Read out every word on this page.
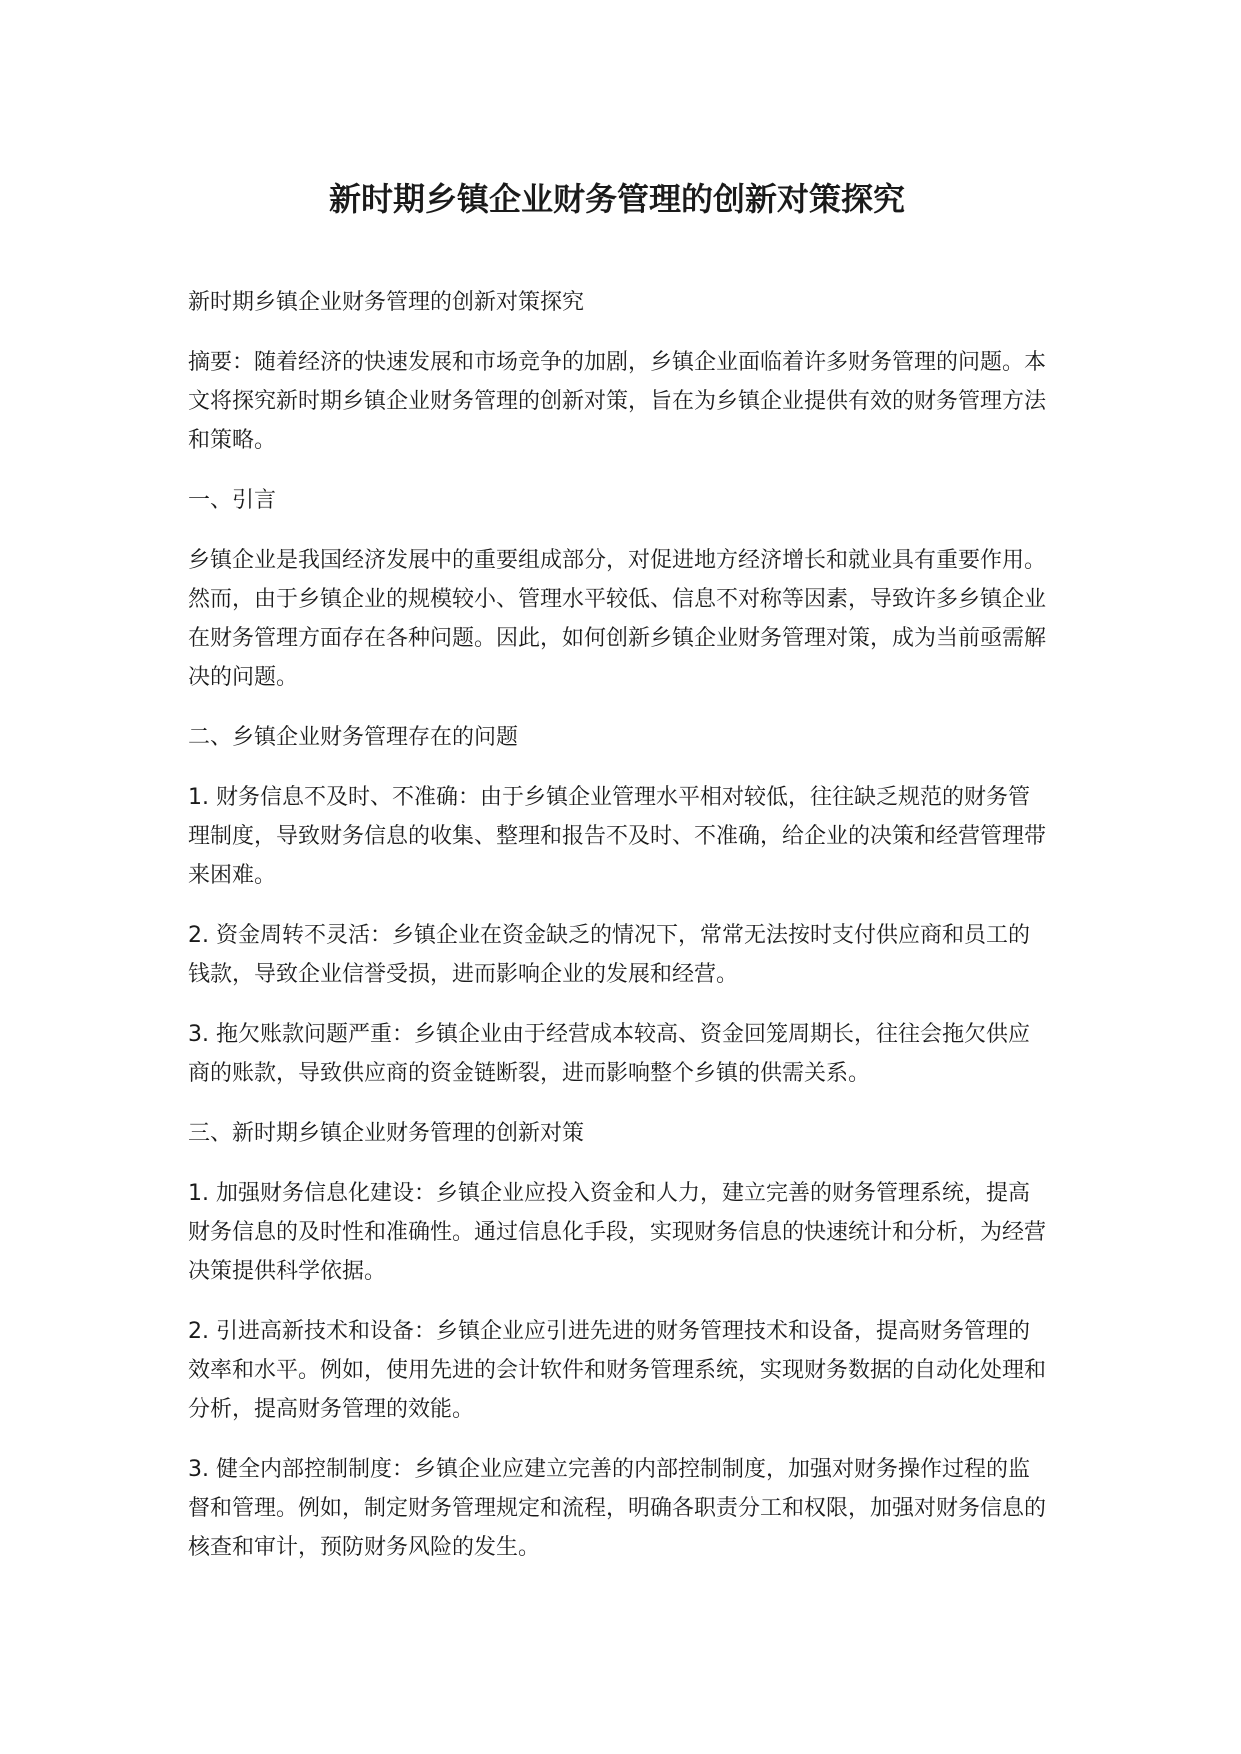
新时期乡镇企业财务管理的创新对策探究

新时期乡镇企业财务管理的创新对策探究

摘要：随着经济的快速发展和市场竞争的加剧，乡镇企业面临着许多财务管理的问题。本文将探究新时期乡镇企业财务管理的创新对策，旨在为乡镇企业提供有效的财务管理方法和策略。

一、引言

乡镇企业是我国经济发展中的重要组成部分，对促进地方经济增长和就业具有重要作用。然而，由于乡镇企业的规模较小、管理水平较低、信息不对称等因素，导致许多乡镇企业在财务管理方面存在各种问题。因此，如何创新乡镇企业财务管理对策，成为当前亟需解决的问题。

二、乡镇企业财务管理存在的问题

1. 财务信息不及时、不准确：由于乡镇企业管理水平相对较低，往往缺乏规范的财务管理制度，导致财务信息的收集、整理和报告不及时、不准确，给企业的决策和经营管理带来困难。

2. 资金周转不灵活：乡镇企业在资金缺乏的情况下，常常无法按时支付供应商和员工的钱款，导致企业信誉受损，进而影响企业的发展和经营。

3. 拖欠账款问题严重：乡镇企业由于经营成本较高、资金回笼周期长，往往会拖欠供应商的账款，导致供应商的资金链断裂，进而影响整个乡镇的供需关系。

三、新时期乡镇企业财务管理的创新对策

1. 加强财务信息化建设：乡镇企业应投入资金和人力，建立完善的财务管理系统，提高财务信息的及时性和准确性。通过信息化手段，实现财务信息的快速统计和分析，为经营决策提供科学依据。

2. 引进高新技术和设备：乡镇企业应引进先进的财务管理技术和设备，提高财务管理的效率和水平。例如，使用先进的会计软件和财务管理系统，实现财务数据的自动化处理和分析，提高财务管理的效能。

3. 健全内部控制制度：乡镇企业应建立完善的内部控制制度，加强对财务操作过程的监督和管理。例如，制定财务管理规定和流程，明确各职责分工和权限，加强对财务信息的核查和审计，预防财务风险的发生。
